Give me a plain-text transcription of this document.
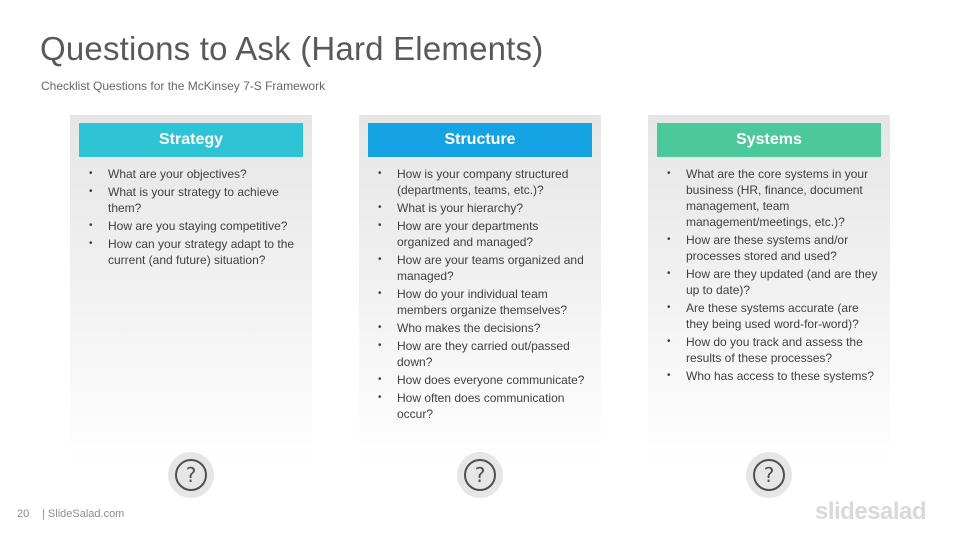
Questions to Ask (Hard Elements)
Checklist Questions for the McKinsey 7-S Framework
Strategy
• What are your objectives?
• What is your strategy to achieve them?
• How are you staying competitive?
• How can your strategy adapt to the current (and future) situation?
Structure
• How is your company structured (departments, teams, etc.)?
• What is your hierarchy?
• How are your departments organized and managed?
• How are your teams organized and managed?
• How do your individual team members organize themselves?
• Who makes the decisions?
• How are they carried out/passed down?
• How does everyone communicate?
• How often does communication occur?
Systems
• What are the core systems in your business (HR, finance, document management, team management/meetings, etc.)?
• How are these systems and/or processes stored and used?
• How are they updated (and are they up to date)?
• Are these systems accurate (are they being used word-for-word)?
• How do you track and assess the results of these processes?
• Who has access to these systems?
?	?	?
20 | SlideSalad.com	slidesalad
